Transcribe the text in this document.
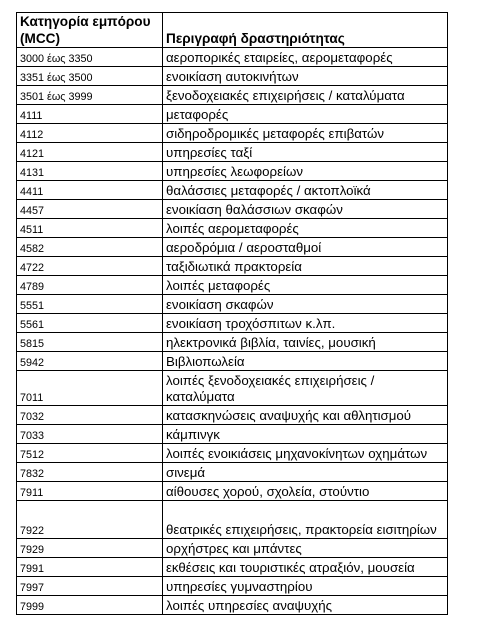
Κατηγορία εμπόρου (MCC)	Περιγραφή δραστηριότητας
3000 έως 3350	αεροπορικές εταιρείες, αερομεταφορές
3351 έως 3500	ενοικίαση αυτοκινήτων
3501 έως 3999	ξενοδοχειακές επιχειρήσεις / καταλύματα
4111	μεταφορές
4112	σιδηροδρομικές μεταφορές επιβατών
4121	υπηρεσίες ταξί
4131	υπηρεσίες λεωφορείων
4411	θαλάσσιες μεταφορές / ακτοπλοϊκά
4457	ενοικίαση θαλάσσιων σκαφών
4511	λοιπές αερομεταφορές
4582	αεροδρόμια / αεροσταθμοί
4722	ταξιδιωτικά πρακτορεία
4789	λοιπές μεταφορές
5551	ενοικίαση σκαφών
5561	ενοικίαση τροχόσπιτων κ.λπ.
5815	ηλεκτρονικά βιβλία, ταινίες, μουσική
5942	Βιβλιοπωλεία
7011	λοιπές ξενοδοχειακές επιχειρήσεις / καταλύματα
7032	κατασκηνώσεις αναψυχής και αθλητισμού
7033	κάμπινγκ
7512	λοιπές ενοικιάσεις μηχανοκίνητων οχημάτων
7832	σινεμά
7911	αίθουσες χορού, σχολεία, στούντιο
7922	θεατρικές επιχειρήσεις, πρακτορεία εισιτηρίων
7929	ορχήστρες και μπάντες
7991	εκθέσεις και τουριστικές ατραξιόν, μουσεία
7997	υπηρεσίες γυμναστηρίου
7999	λοιπές υπηρεσίες αναψυχής
